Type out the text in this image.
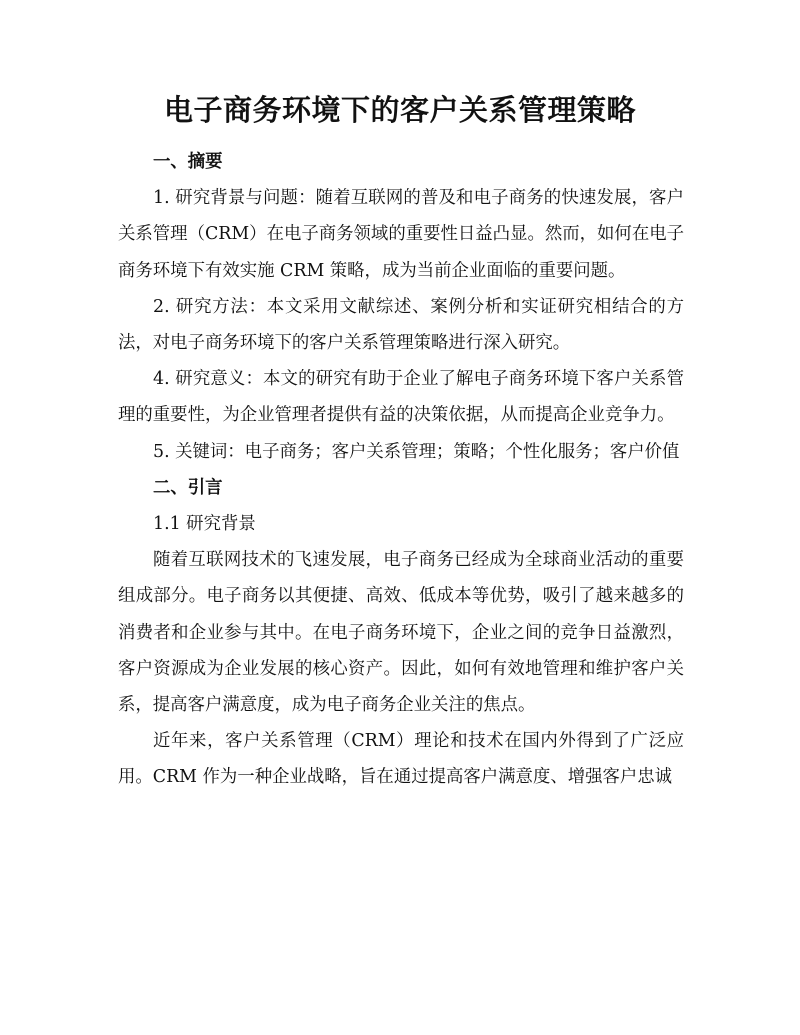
电子商务环境下的客户关系管理策略
一、摘要

1. 研究背景与问题：随着互联网的普及和电子商务的快速发展，客户关系管理（CRM）在电子商务领域的重要性日益凸显。然而，如何在电子商务环境下有效实施 CRM 策略，成为当前企业面临的重要问题。

2. 研究方法：本文采用文献综述、案例分析和实证研究相结合的方法，对电子商务环境下的客户关系管理策略进行深入研究。

4. 研究意义：本文的研究有助于企业了解电子商务环境下客户关系管理的重要性，为企业管理者提供有益的决策依据，从而提高企业竞争力。

5. 关键词：电子商务；客户关系管理；策略；个性化服务；客户价值

二、引言
1.1 研究背景

随着互联网技术的飞速发展，电子商务已经成为全球商业活动的重要组成部分。电子商务以其便捷、高效、低成本等优势，吸引了越来越多的消费者和企业参与其中。在电子商务环境下，企业之间的竞争日益激烈，客户资源成为企业发展的核心资产。因此，如何有效地管理和维护客户关系，提高客户满意度，成为电子商务企业关注的焦点。

近年来，客户关系管理（CRM）理论和技术在国内外得到了广泛应用。CRM 作为一种企业战略，旨在通过提高客户满意度、增强客户忠诚
